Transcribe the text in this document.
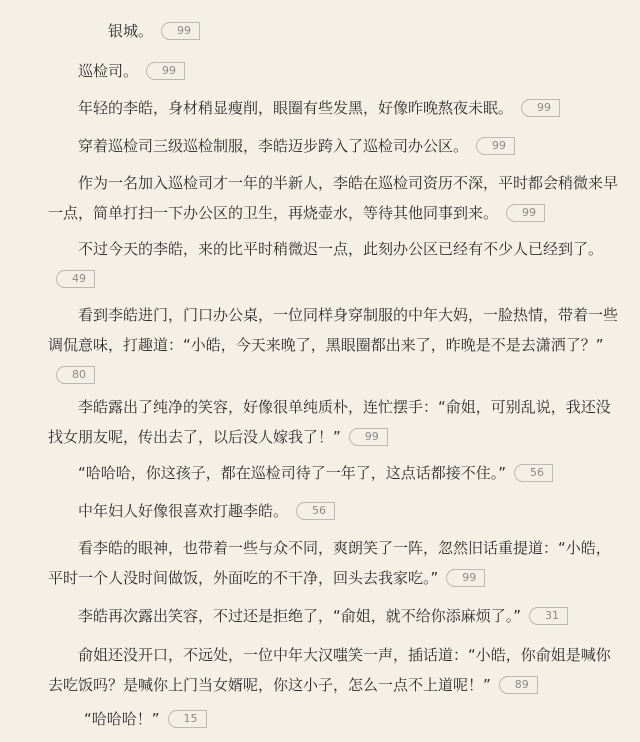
银城。 99

巡检司。 99

年轻的李皓，身材稍显瘦削，眼圈有些发黑，好像昨晚熬夜未眠。 99

穿着巡检司三级巡检制服，李皓迈步跨入了巡检司办公区。 99

作为一名加入巡检司才一年的半新人，李皓在巡检司资历不深，平时都会稍微来早一点，简单打扫一下办公区的卫生，再烧壶水，等待其他同事到来。 99

不过今天的李皓，来的比平时稍微迟一点，此刻办公区已经有不少人已经到了。49

看到李皓进门，门口办公桌，一位同样身穿制服的中年大妈，一脸热情，带着一些调侃意味，打趣道：“小皓，今天来晚了，黑眼圈都出来了，昨晚是不是去潇洒了？”80

李皓露出了纯净的笑容，好像很单纯质朴，连忙摆手：“俞姐，可别乱说，我还没找女朋友呢，传出去了，以后没人嫁我了！” 99

“哈哈哈，你这孩子，都在巡检司待了一年了，这点话都接不住。” 56

中年妇人好像很喜欢打趣李皓。 56

看李皓的眼神，也带着一些与众不同，爽朗笑了一阵，忽然旧话重提道：“小皓，平时一个人没时间做饭，外面吃的不干净，回头去我家吃。” 99

李皓再次露出笑容，不过还是拒绝了，“俞姐，就不给你添麻烦了。” 31

俞姐还没开口，不远处，一位中年大汉嗤笑一声，插话道：“小皓，你俞姐是喊你去吃饭吗？是喊你上门当女婿呢，你这小子，怎么一点不上道呢！” 89

“哈哈哈！” 15
